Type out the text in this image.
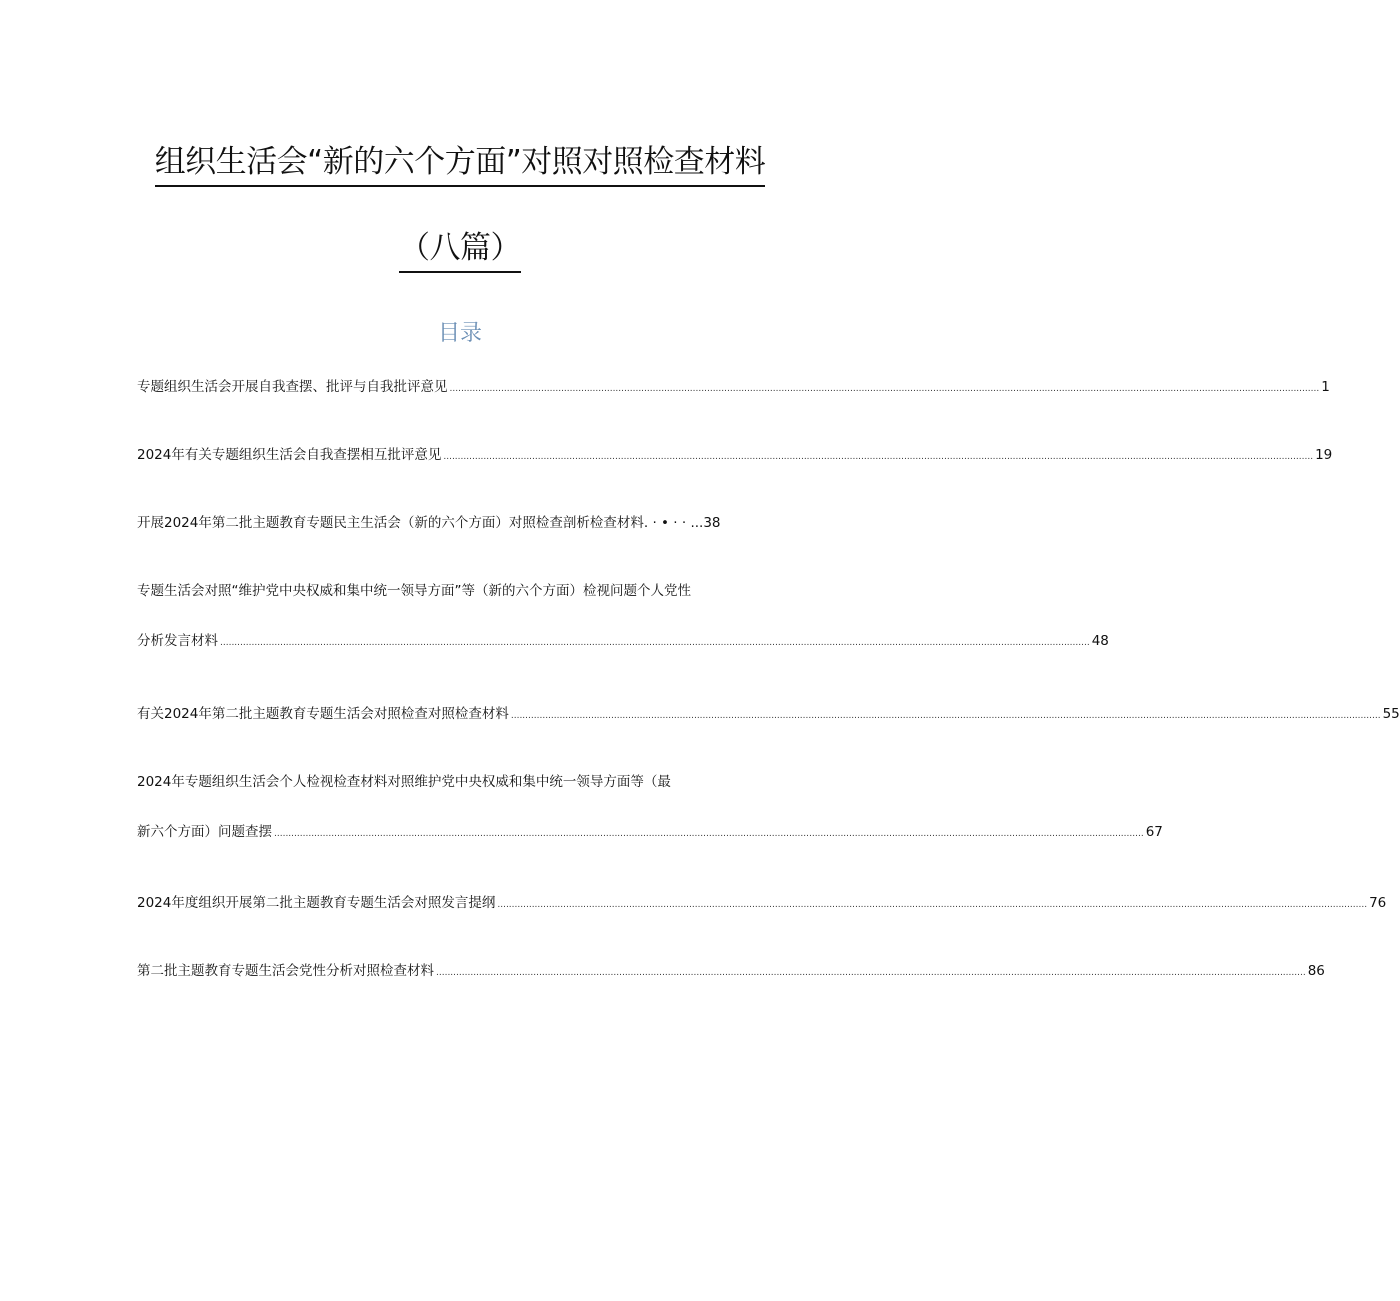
组织生活会“新的六个方面”对照对照检查材料
（八篇）
目录
专题组织生活会开展自我查摆、批评与自我批评意见 .....	1
2024年有关专题组织生活会自我查摆相互批评意见 .....	19
开展2024年第二批主题教育专题民主生活会（新的六个方面）对照检查剖析检查材料. · • · · ... 38
专题生活会对照“维护党中央权威和集中统一领导方面”等（新的六个方面）检视问题个人党性
分析发言材料 .....	48
有关2024年第二批主题教育专题生活会对照检查对照检查材料 .....	55
2024年专题组织生活会个人检视检查材料对照维护党中央权威和集中统一领导方面等（最
新六个方面）问题查摆 .....	67
2024年度组织开展第二批主题教育专题生活会对照发言提纲 .....	76
第二批主题教育专题生活会党性分析对照检查材料 .....	86
